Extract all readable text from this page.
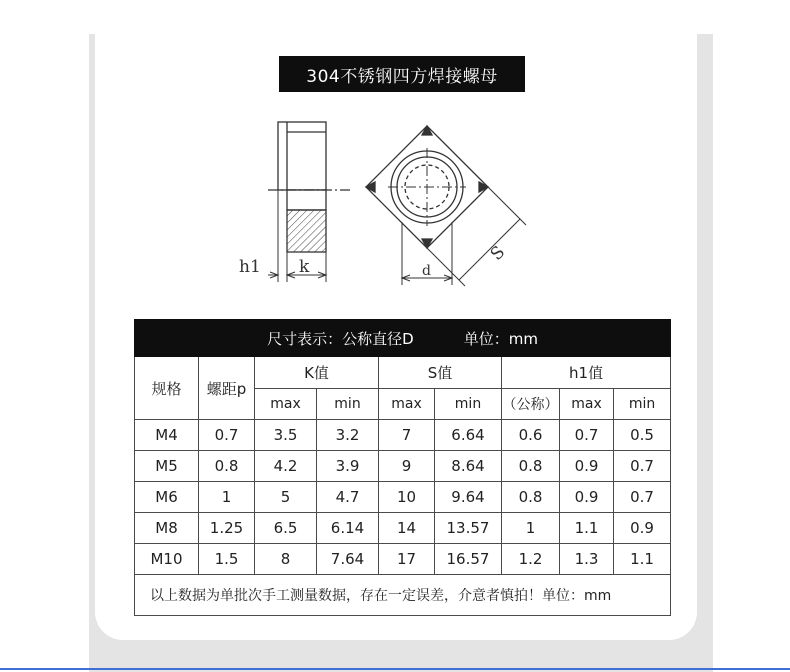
304不锈钢四方焊接螺母
h1 k	d
S
尺寸表示：公称直径D 单位：mm								
规格	螺距p	K值		S值		h1值		
		max	min	max	min	（公称）	max	min
M4	0.7	3.5	3.2	7	6.64	0.6	0.7	0.5
M5	0.8	4.2	3.9	9	8.64	0.8	0.9	0.7
M6	1	5	4.7	10	9.64	0.8	0.9	0.7
M8	1.25	6.5	6.14	14	13.57	1	1.1	0.9
M10	1.5	8	7.64	17	16.57	1.2	1.3	1.1
以上数据为单批次手工测量数据，存在一定误差，介意者慎拍！单位：mm								
